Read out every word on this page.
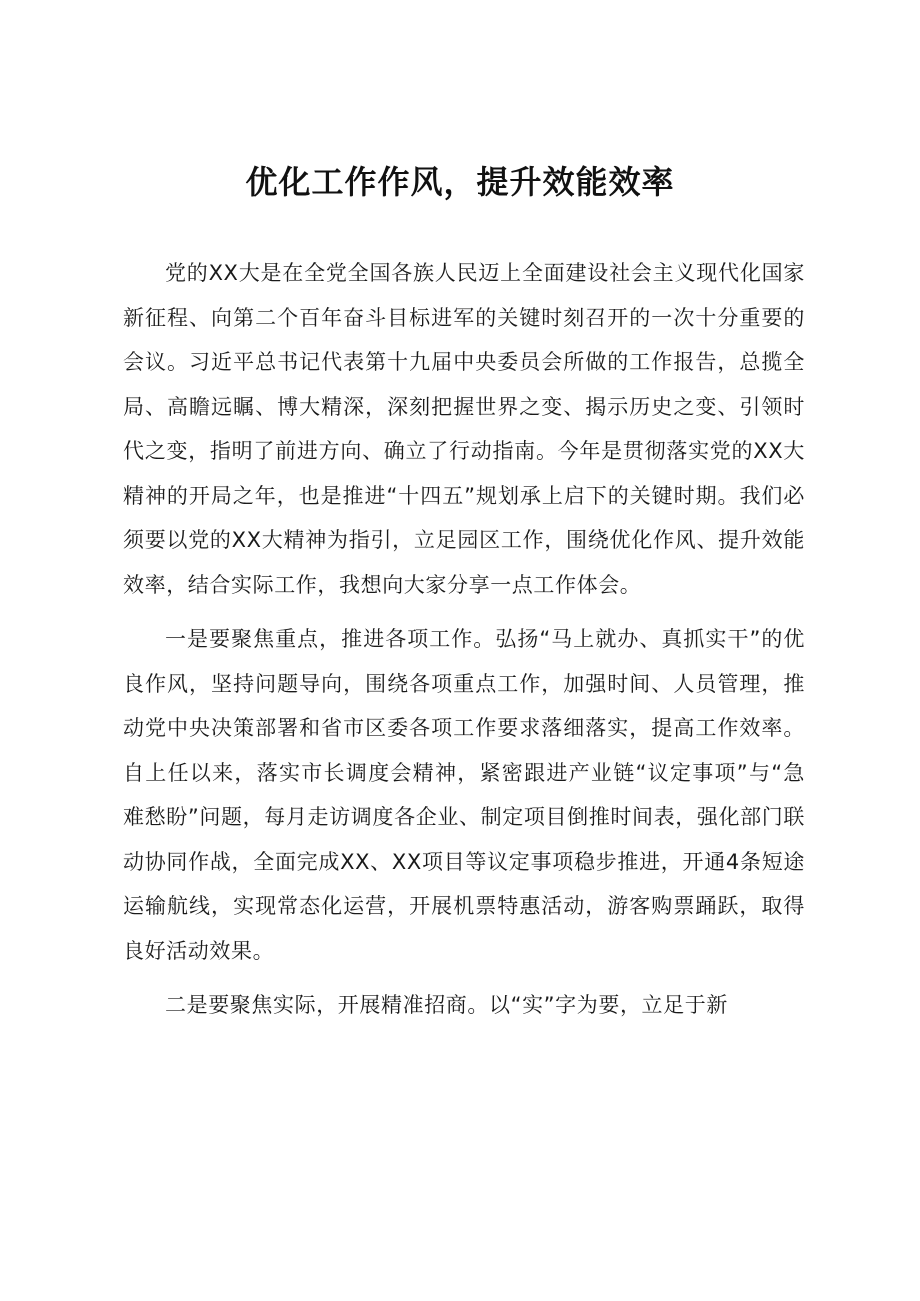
优化工作作风，提升效能效率

党的XX大是在全党全国各族人民迈上全面建设社会主义现代化国家新征程、向第二个百年奋斗目标进军的关键时刻召开的一次十分重要的会议。习近平总书记代表第十九届中央委员会所做的工作报告，总揽全局、高瞻远瞩、博大精深，深刻把握世界之变、揭示历史之变、引领时代之变，指明了前进方向、确立了行动指南。今年是贯彻落实党的XX大精神的开局之年，也是推进“十四五”规划承上启下的关键时期。我们必须要以党的XX大精神为指引，立足园区工作，围绕优化作风、提升效能效率，结合实际工作，我想向大家分享一点工作体会。

一是要聚焦重点，推进各项工作。弘扬“马上就办、真抓实干”的优良作风，坚持问题导向，围绕各项重点工作，加强时间、人员管理，推动党中央决策部署和省市区委各项工作要求落细落实，提高工作效率。自上任以来，落实市长调度会精神，紧密跟进产业链“议定事项”与“急难愁盼”问题，每月走访调度各企业、制定项目倒推时间表，强化部门联动协同作战，全面完成XX、XX项目等议定事项稳步推进，开通4条短途运输航线，实现常态化运营，开展机票特惠活动，游客购票踊跃，取得良好活动效果。

二是要聚焦实际，开展精准招商。以“实”字为要，立足于新
